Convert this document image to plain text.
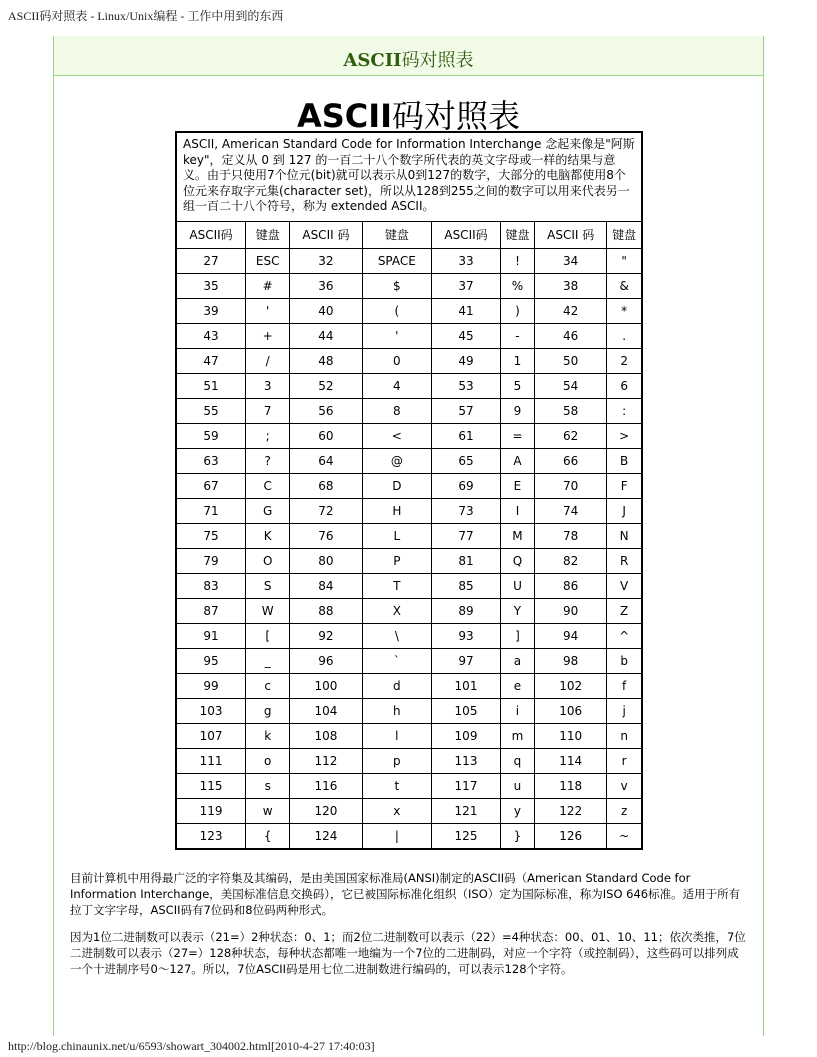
ASCII码对照表 - Linux/Unix编程 - 工作中用到的东西
ASCII码对照表
ASCII码对照表
ASCII, American Standard Code for Information Interchange 念起来像是"阿斯key"，定义从 0 到 127 的一百二十八个数字所代表的英文字母或一样的结果与意义。由于只使用7个位元(bit)就可以表示从0到127的数字，大部分的电脑都使用8个位元来存取字元集(character set)，所以从128到255之间的数字可以用来代表另一组一百二十八个符号，称为 extended ASCII。							
ASCII码	键盘	ASCII 码	键盘	ASCII码	键盘	ASCII 码	键盘
27	ESC	32	SPACE	33	!	34	"
35	#	36	$	37	%	38	&
39	'	40	(	41	)	42	*
43	+	44	'	45	-	46	.
47	/	48	0	49	1	50	2
51	3	52	4	53	5	54	6
55	7	56	8	57	9	58	:
59	;	60	<	61	=	62	>
63	?	64	@	65	A	66	B
67	C	68	D	69	E	70	F
71	G	72	H	73	I	74	J
75	K	76	L	77	M	78	N
79	O	80	P	81	Q	82	R
83	S	84	T	85	U	86	V
87	W	88	X	89	Y	90	Z
91	[	92	\	93	]	94	^
95	_	96	`	97	a	98	b
99	c	100	d	101	e	102	f
103	g	104	h	105	i	106	j
107	k	108	l	109	m	110	n
111	o	112	p	113	q	114	r
115	s	116	t	117	u	118	v
119	w	120	x	121	y	122	z
123	{	124	|	125	}	126	~

目前计算机中用得最广泛的字符集及其编码，是由美国国家标准局(ANSI)制定的ASCII码（American Standard Code for Information Interchange，美国标准信息交换码），它已被国际标准化组织（ISO）定为国际标准，称为ISO 646标准。适用于所有拉丁文字字母，ASCII码有7位码和8位码两种形式。

因为1位二进制数可以表示（21=）2种状态：0、1；而2位二进制数可以表示（22）=4种状态：00、01、10、11；依次类推，7位二进制数可以表示（27=）128种状态，每种状态都唯一地编为一个7位的二进制码，对应一个字符（或控制码），这些码可以排列成一个十进制序号0～127。所以，7位ASCII码是用七位二进制数进行编码的，可以表示128个字符。

http://blog.chinaunix.net/u/6593/showart_304002.html[2010-4-27 17:40:03]
